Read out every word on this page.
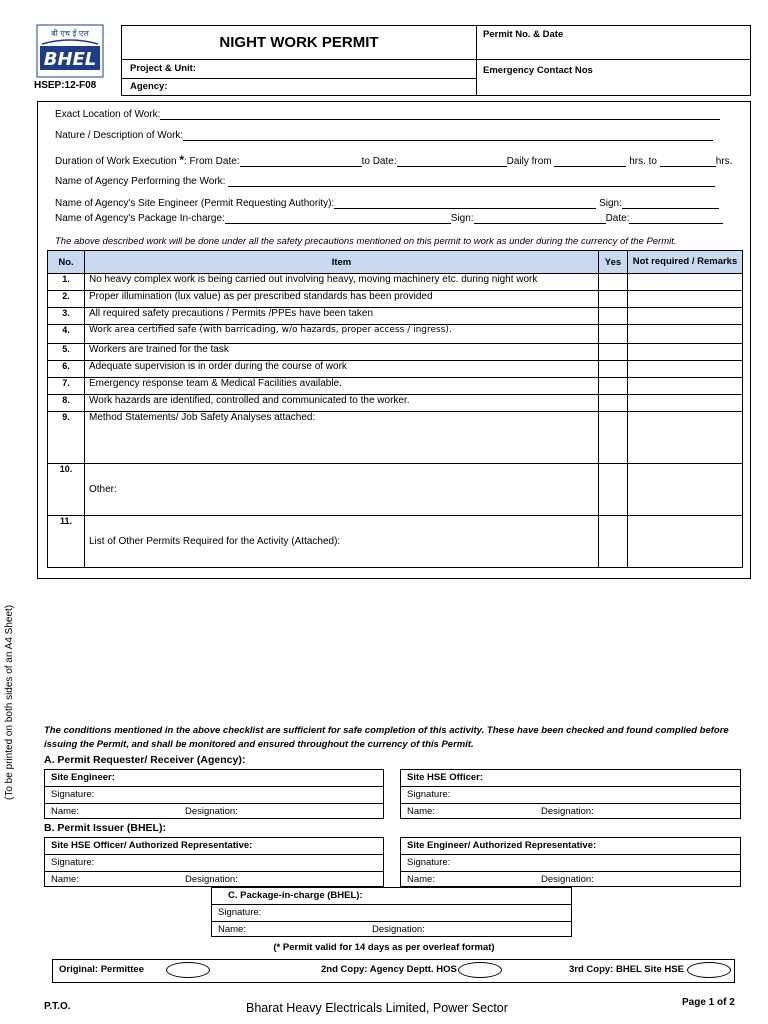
बी एच ई एल
BHEL
HSEP:12-F08
NIGHT WORK PERMIT	Permit No. & Date
Project & Unit:
Agency:
Emergency Contact Nos
Exact Location of Work:
Nature / Description of Work:
Duration of Work Execution *: From Date:	to Date:	Daily from	hrs. to	hrs.
Name of Agency Performing the Work:
Name of Agency's Site Engineer (Permit Requesting Authority):	Sign:
Name of Agency's Package In-charge:	Sign:	Date:
The above described work will be done under all the safety precautions mentioned on this permit to work as under during the currency of the Permit.
No.	Item	Yes	Not required / Remarks
1.	No heavy complex work is being carried out involving heavy, moving machinery etc. during night work		
2.	Proper illumination (lux value) as per prescribed standards has been provided		
3.	All required safety precautions / Permits /PPEs have been taken		
4.	Work area certified safe (with barricading, w/o hazards, proper access / ingress).		
5.	Workers are trained for the task		
6.	Adequate supervision is in order during the course of work		
7.	Emergency response team & Medical Facilities available.		
8.	Work hazards are identified, controlled and communicated to the worker.		
9.	Method Statements/ Job Safety Analyses attached:		
10.	Other:		
11.	List of Other Permits Required for the Activity (Attached):		
(To be printed on both sides of an A4 Sheet)	The conditions mentioned in the above checklist are sufficient for safe completion of this activity. These have been checked and found complied before issuing the Permit, and shall be monitored and ensured throughout the currency of this Permit.
A. Permit Requester/ Receiver (Agency):
Site Engineer:
Signature:
Name:	Designation:
Site HSE Officer:
Signature:
Name:	Designation:
B. Permit Issuer (BHEL):
Site HSE Officer/ Authorized Representative:
Signature:
Name:	Designation:
Site Engineer/ Authorized Representative:
Signature:
Name:	Designation:
C. Package-in-charge (BHEL):
Signature:
Name:	Designation:
(* Permit valid for 14 days as per overleaf format)
Original: Permittee	2nd Copy: Agency Deptt. HOS	3rd Copy: BHEL Site HSE
P.T.O.	Bharat Heavy Electricals Limited, Power Sector	Page 1 of 2
